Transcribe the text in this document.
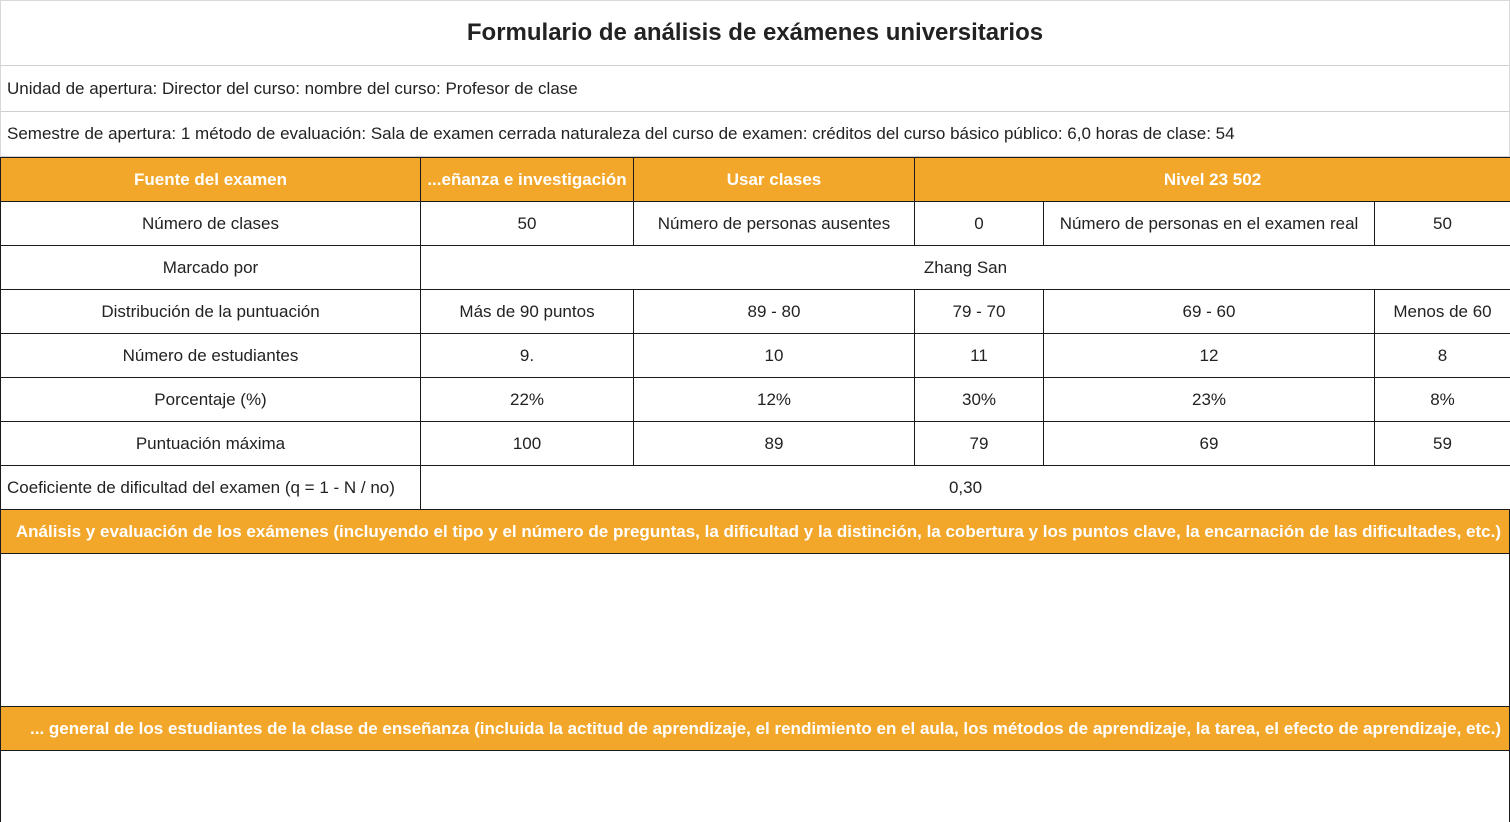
Formulario de análisis de exámenes universitarios
Unidad de apertura: Director del curso: nombre del curso: Profesor de clase
Semestre de apertura: 1 método de evaluación: Sala de examen cerrada naturaleza del curso de examen: créditos del curso básico público: 6,0 horas de clase: 54
Fuente del examen	...eñanza e investigación	Usar clases	Nivel 23 502		
Número de clases	50	Número de personas ausentes	0	Número de personas en el examen real	50
Marcado por	Zhang San				
Distribución de la puntuación	Más de 90 puntos	89 - 80	79 - 70	69 - 60	Menos de 60
Número de estudiantes	9.	10	11	12	8
Porcentaje (%)	22%	12%	30%	23%	8%
Puntuación máxima	100	89	79	69	59
Coeficiente de dificultad del examen (q = 1 - N / no)	0,30				
Análisis y evaluación de los exámenes (incluyendo el tipo y el número de preguntas, la dificultad y la distinción, la cobertura y los puntos clave, la encarnación de las dificultades, etc.)
... general de los estudiantes de la clase de enseñanza (incluida la actitud de aprendizaje, el rendimiento en el aula, los métodos de aprendizaje, la tarea, el efecto de aprendizaje, etc.)
